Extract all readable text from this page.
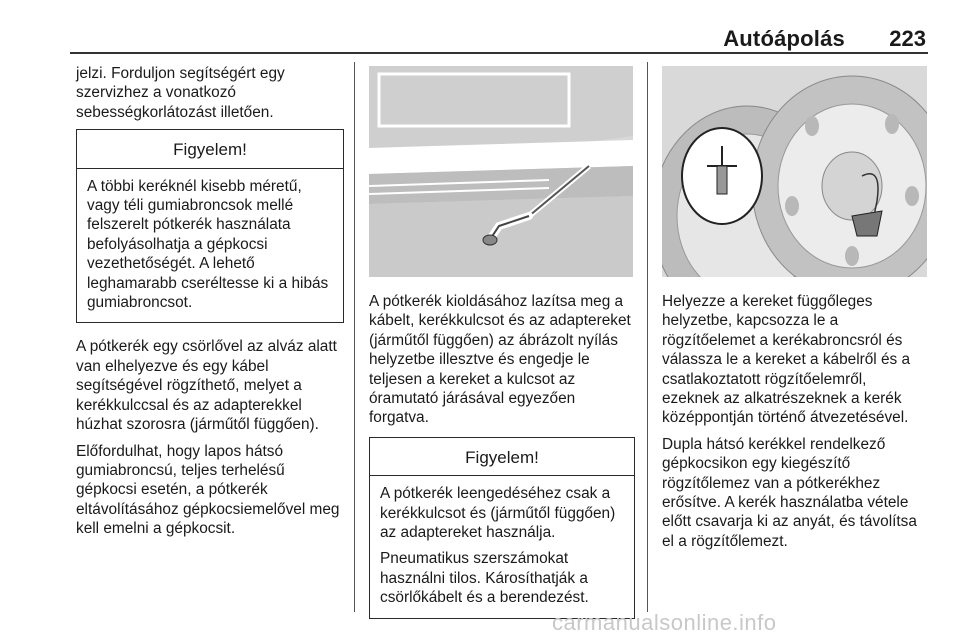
Autóápolás 223

jelzi. Forduljon segítségért egy szervizhez a vonatkozó sebességkorlátozást illetően.

Figyelem!

A többi keréknél kisebb méretű, vagy téli gumiabroncsok mellé felszerelt pótkerék használata befolyásolhatja a gépkocsi vezethetőségét. A lehető leghamarabb cseréltesse ki a hibás gumiabroncsot.

A pótkerék egy csörlővel az alváz alatt van elhelyezve és egy kábel segítségével rögzíthető, melyet a kerékkulccsal és az adapterekkel húzhat szorosra (járműtől függően).

Előfordulhat, hogy lapos hátsó gumiabroncsú, teljes terhelésű gépkocsi esetén, a pótkerék eltávolításához gépkocsiemelővel meg kell emelni a gépkocsit.

A pótkerék kioldásához lazítsa meg a kábelt, kerékkulcsot és az adaptereket (járműtől függően) az ábrázolt nyílás helyzetbe illesztve és engedje le teljesen a kereket a kulcsot az óramutató járásával egyezően forgatva.

Figyelem!

A pótkerék leengedéséhez csak a kerékkulcsot és (járműtől függően) az adaptereket használja.

Pneumatikus szerszámokat használni tilos. Károsíthatják a csörlőkábelt és a berendezést.

Helyezze a kereket függőleges helyzetbe, kapcsozza le a rögzítőelemet a kerékabroncsról és válassza le a kereket a kábelről és a csatlakoztatott rögzítőelemről, ezeknek az alkatrészeknek a kerék középpontján történő átvezetésével.

Dupla hátsó kerékkel rendelkező gépkocsikon egy kiegészítő rögzítőlemez van a pótkerékhez erősítve. A kerék használatba vétele előtt csavarja ki az anyát, és távolítsa el a rögzítőlemezt.

carmanualsonline.info
